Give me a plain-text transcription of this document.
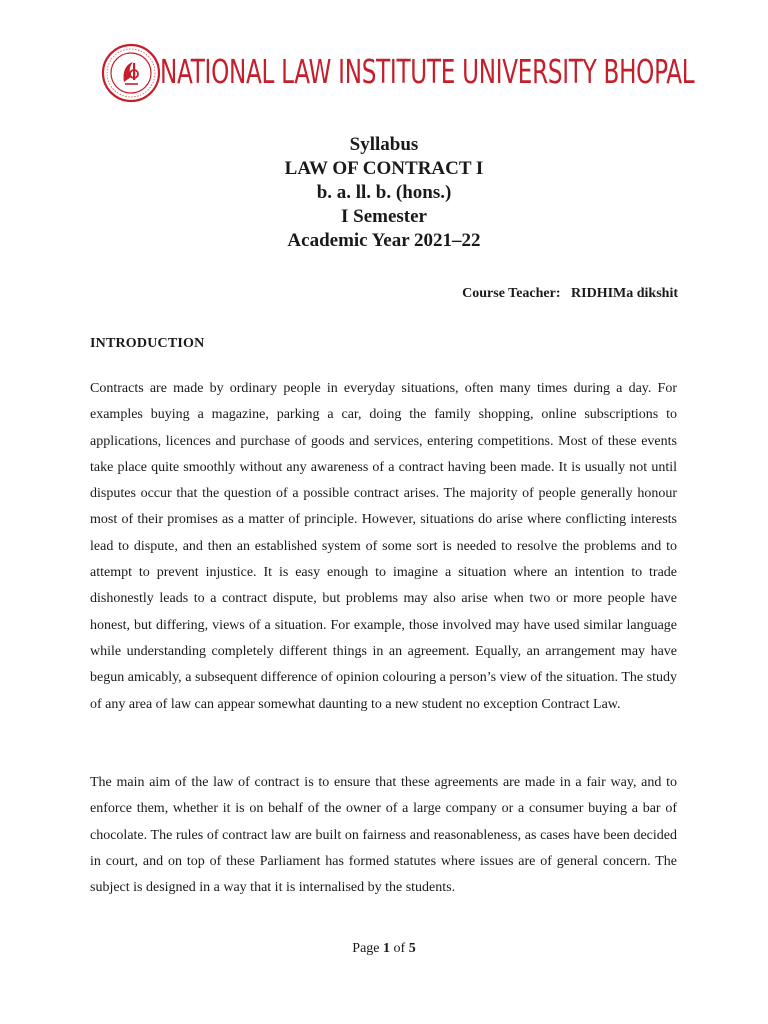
NATIONAL LAW INSTITUTE UNIVERSITY BHOPAL
Syllabus
LAW OF CONTRACT I
b. a. ll. b. (hons.)
I Semester
Academic Year 2021–22
Course Teacher: RIDHIMa dikshit
INTRODUCTION

Contracts are made by ordinary people in everyday situations, often many times during a day. For examples buying a magazine, parking a car, doing the family shopping, online subscriptions to applications, licences and purchase of goods and services, entering competitions. Most of these events take place quite smoothly without any awareness of a contract having been made. It is usually not until disputes occur that the question of a possible contract arises. The majority of people generally honour most of their promises as a matter of principle. However, situations do arise where conflicting interests lead to dispute, and then an established system of some sort is needed to resolve the problems and to attempt to prevent injustice. It is easy enough to imagine a situation where an intention to trade dishonestly leads to a contract dispute, but problems may also arise when two or more people have honest, but differing, views of a situation. For example, those involved may have used similar language while understanding completely different things in an agreement. Equally, an arrangement may have begun amicably, a subsequent difference of opinion colouring a person’s view of the situation. The study of any area of law can appear somewhat daunting to a new student no exception Contract Law.

The main aim of the law of contract is to ensure that these agreements are made in a fair way, and to enforce them, whether it is on behalf of the owner of a large company or a consumer buying a bar of chocolate. The rules of contract law are built on fairness and reasonableness, as cases have been decided in court, and on top of these Parliament has formed statutes where issues are of general concern. The subject is designed in a way that it is internalised by the students.

Page 1 of 5
